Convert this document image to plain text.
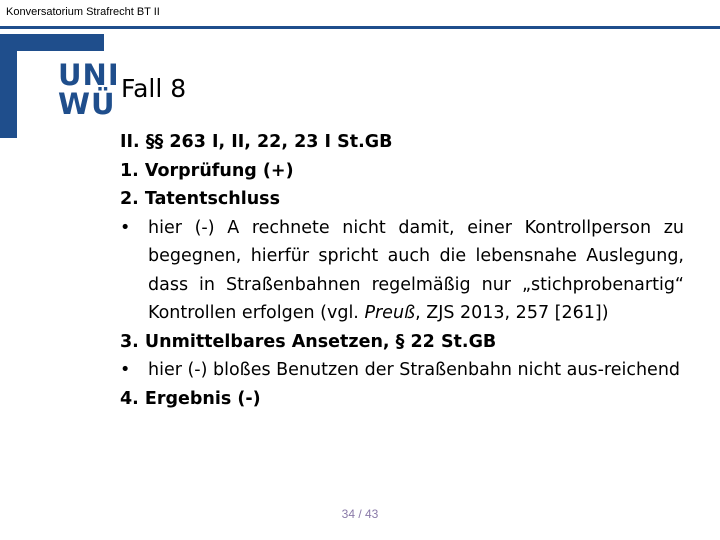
Konversatorium Strafrecht BT II
UNI
WÜ Fall 8
II. §§ 263 I, II, 22, 23 I St.GB
1. Vorprüfung (+)
2. Tatentschluss
•	hier (-) A rechnete nicht damit, einer Kontrollperson zu begegnen, hierfür spricht auch die lebensnahe Auslegung, dass in Straßenbahnen regelmäßig nur „stichprobenartig“ Kontrollen erfolgen (vgl. Preuß, ZJS 2013, 257 [261])
3. Unmittelbares Ansetzen, § 22 St.GB
•	hier (-) bloßes Benutzen der Straßenbahn nicht aus-reichend
4. Ergebnis (-)
34 / 43
